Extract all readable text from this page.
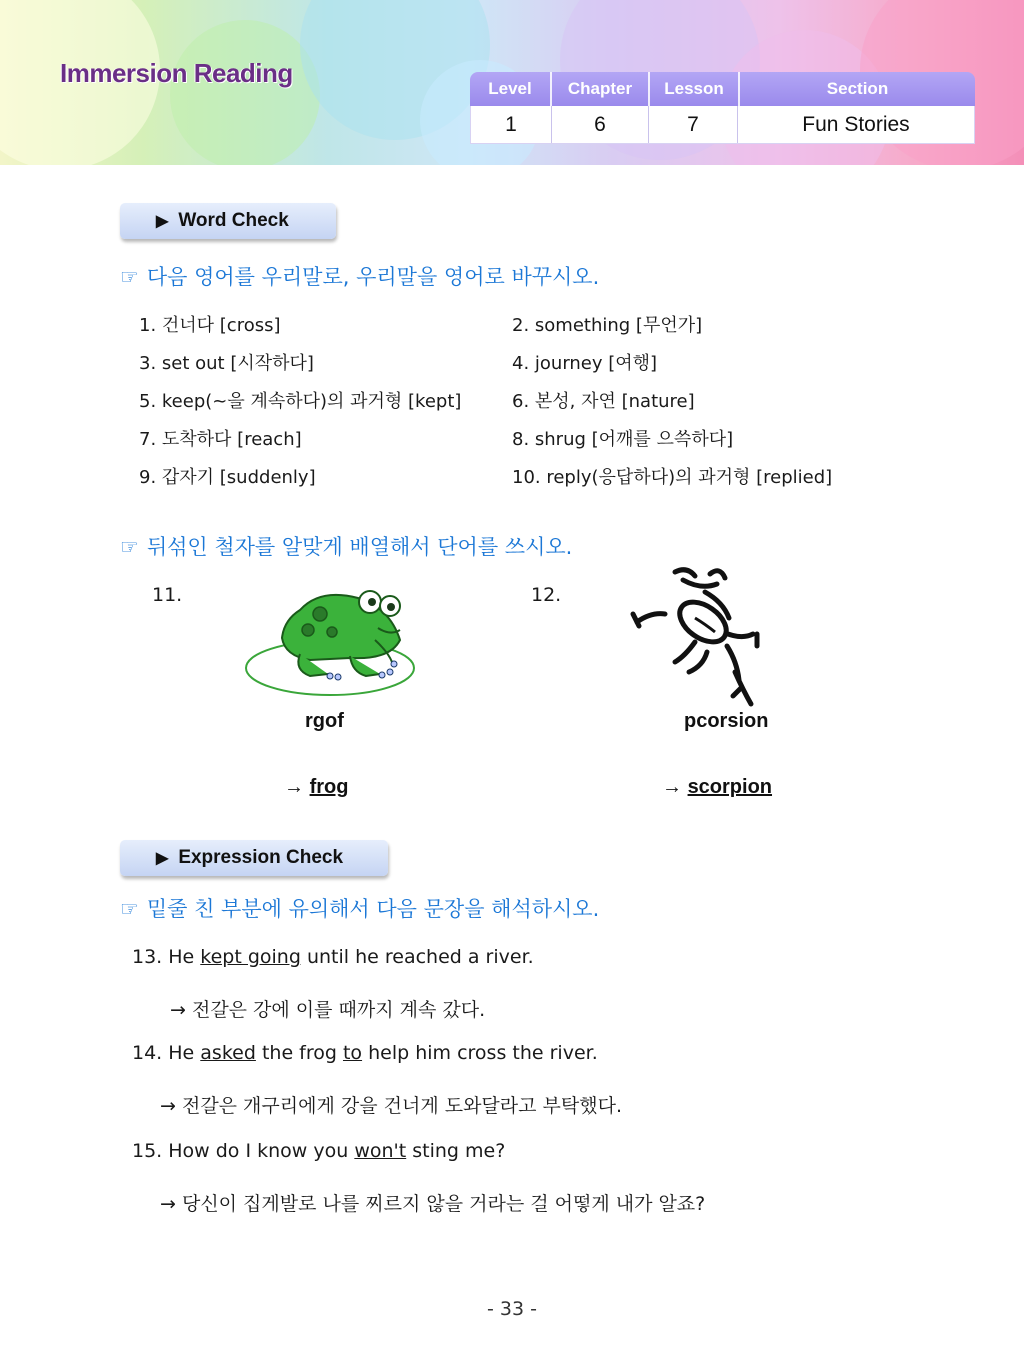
Immersion Reading
Level	Chapter	Lesson	Section
1	6	7	Fun Stories
▶ Word Check
☞ 다음 영어를 우리말로, 우리말을 영어로 바꾸시오.
1. 건너다 [cross]	2. something [무언가]
3. set out [시작하다]	4. journey [여행]
5. keep(~을 계속하다)의 과거형 [kept]	6. 본성, 자연 [nature]
7. 도착하다 [reach]	8. shrug [어깨를 으쓱하다]
9. 갑자기 [suddenly]	10. reply(응답하다)의 과거형 [replied]
☞ 뒤섞인 철자를 알맞게 배열해서 단어를 쓰시오.
11.
rgof
→ frog
12.
pcorsion
→ scorpion
▶ Expression Check
☞ 밑줄 친 부분에 유의해서 다음 문장을 해석하시오.
13. He kept going until he reached a river.
→ 전갈은 강에 이를 때까지 계속 갔다.
14. He asked the frog to help him cross the river.
→ 전갈은 개구리에게 강을 건너게 도와달라고 부탁했다.
15. How do I know you won't sting me?
→ 당신이 집게발로 나를 찌르지 않을 거라는 걸 어떻게 내가 알죠?
- 33 -
